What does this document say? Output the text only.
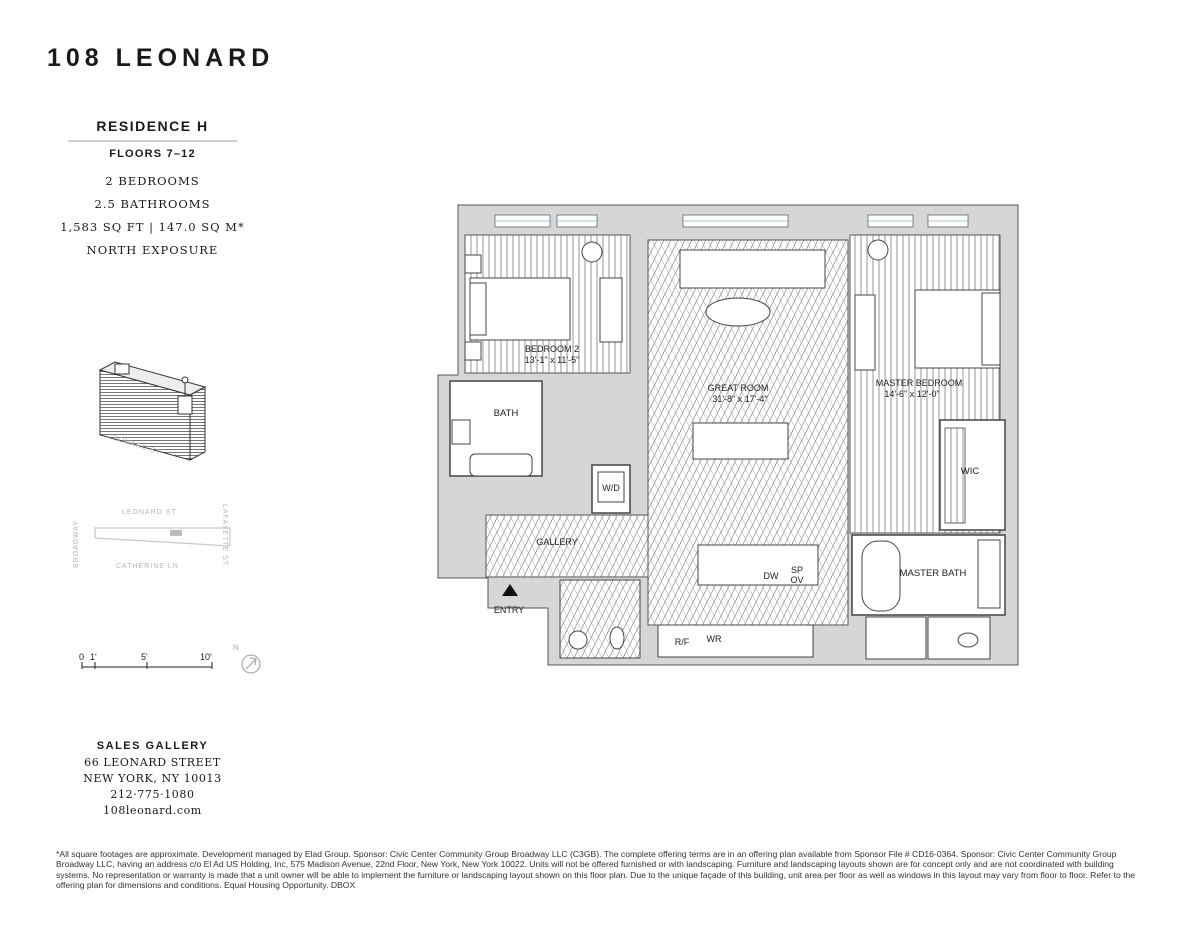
108 LEONARD

RESIDENCE H

FLOORS 7–12

2 BEDROOMS

2.5 BATHROOMS

1,583 SQ FT | 147.0 SQ M*

NORTH EXPOSURE

LEONARD ST
LEONARD ST	LAFAYETTE ST
BROADWAY	CATHERINE LN
0 1'	5'	10'
N
BEDROOM 2
13'-1" x 11'-5"
GREAT ROOM
31'-8" x 17'-4"
MASTER BEDROOM
14'-6" x 12'-0"
BATH
W/D
WIC
GALLERY
MASTER BATH
ENTRY
DW
SP
OV
R/F WR

SALES GALLERY

66 LEONARD STREET

NEW YORK, NY 10013

212·775·1080

108leonard.com

*All square footages are approximate. Development managed by Elad Group. Sponsor: Civic Center Community Group Broadway LLC (C3GB). The complete offering terms are in an offering plan available from Sponsor File # CD16-0364. Sponsor: Civic Center Community Group Broadway LLC, having an address c/o El Ad US Holding, Inc, 575 Madison Avenue, 22nd Floor, New York, New York 10022. Units will not be offered furnished or with landscaping. Furniture and landscaping layouts shown are for concept only and are not coordinated with building systems. No representation or warranty is made that a unit owner will be able to implement the furniture or landscaping layout shown on this floor plan. Due to the unique façade of this building, unit area per floor as well as windows in this layout may vary from floor to floor. Refer to the offering plan for dimensions and conditions. Equal Housing Opportunity. DBOX
